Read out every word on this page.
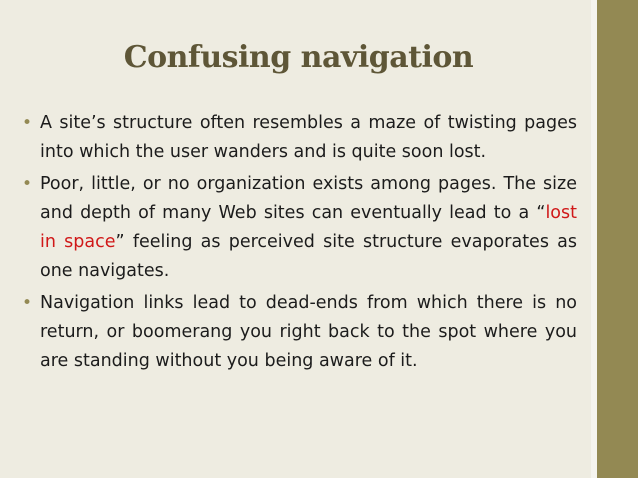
Confusing navigation
• A site’s structure often resembles a maze of twisting pages into which the user wanders and is quite soon lost.
• Poor, little, or no organization exists among pages. The size and depth of many Web sites can eventually lead to a “lost in space” feeling as perceived site structure evaporates as one navigates.
• Navigation links lead to dead-ends from which there is no return, or boomerang you right back to the spot where you are standing without you being aware of it.
